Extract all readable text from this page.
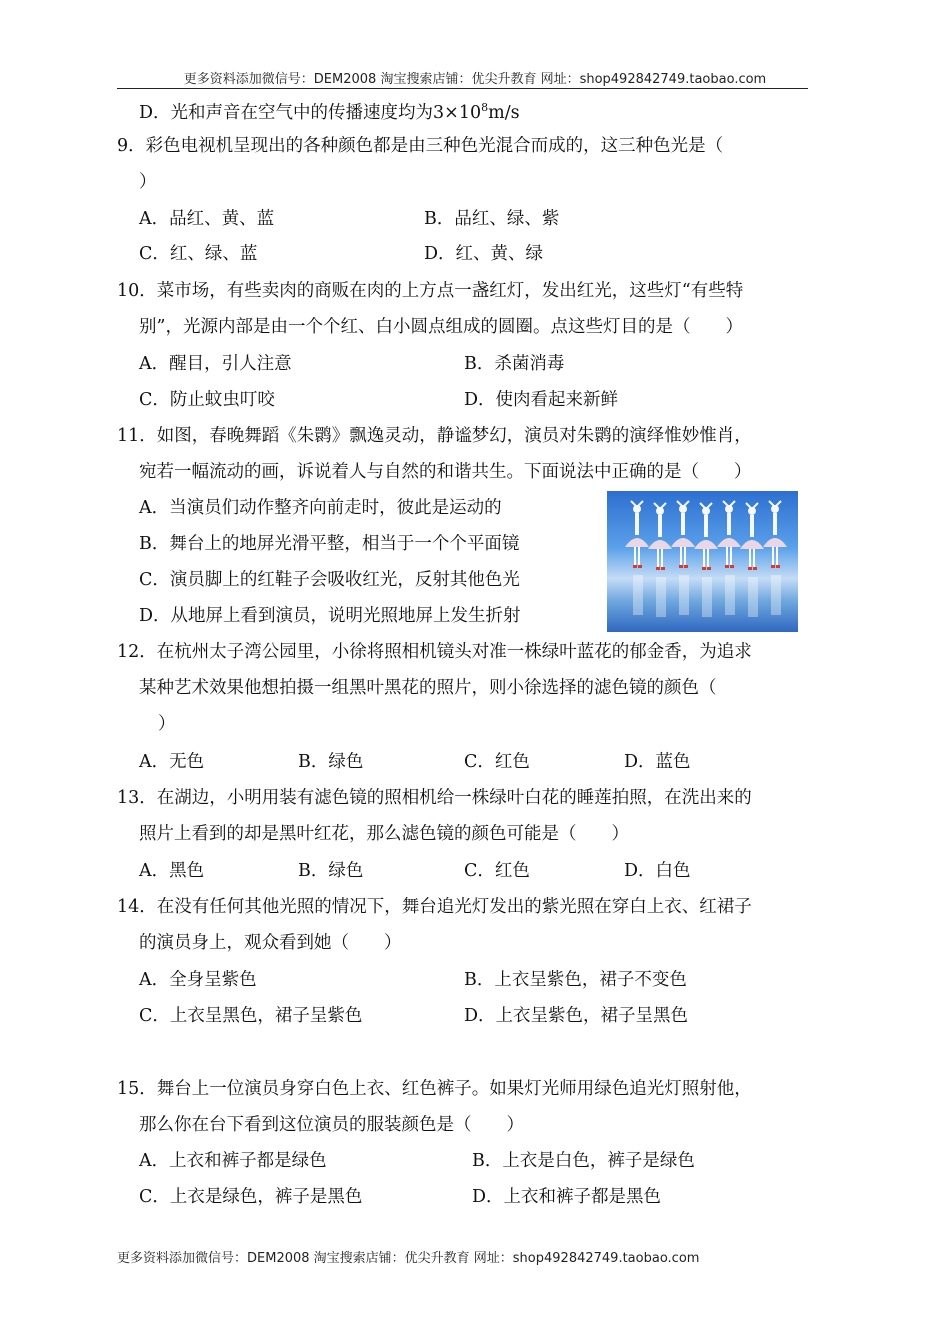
更多资料添加微信号：DEM2008 淘宝搜索店铺：优尖升教育 网址：shop492842749.taobao.com
D．光和声音在空气中的传播速度均为$3\times 10^8m/s$
9．彩色电视机呈现出的各种颜色都是由三种色光混合而成的，这三种色光是（
）
A．品红、黄、蓝	B．品红、绿、紫
C．红、绿、蓝	D．红、黄、绿
10．菜市场，有些卖肉的商贩在肉的上方点一盏红灯，发出红光，这些灯“有些特
别”，光源内部是由一个个红、白小圆点组成的圆圈。点这些灯目的是（　　）
A．醒目，引人注意	B．杀菌消毒
C．防止蚊虫叮咬	D．使肉看起来新鲜
11．如图，春晚舞蹈《朱鹮》飘逸灵动，静谧梦幻，演员对朱鹮的演绎惟妙惟肖，
宛若一幅流动的画，诉说着人与自然的和谐共生。下面说法中正确的是（　　）
A．当演员们动作整齐向前走时，彼此是运动的
B．舞台上的地屏光滑平整，相当于一个个平面镜
C．演员脚上的红鞋子会吸收红光，反射其他色光
D．从地屏上看到演员，说明光照地屏上发生折射
12．在杭州太子湾公园里，小徐将照相机镜头对准一株绿叶蓝花的郁金香，为追求
某种艺术效果他想拍摄一组黑叶黑花的照片，则小徐选择的滤色镜的颜色（
）
A．无色	B．绿色	C．红色	D．蓝色
13．在湖边，小明用装有滤色镜的照相机给一株绿叶白花的睡莲拍照，在洗出来的
照片上看到的却是黑叶红花，那么滤色镜的颜色可能是（　　）
A．黑色	B．绿色	C．红色	D．白色
14．在没有任何其他光照的情况下，舞台追光灯发出的紫光照在穿白上衣、红裙子
的演员身上，观众看到她（　　）
A．全身呈紫色	B．上衣呈紫色，裙子不变色
C．上衣呈黑色，裙子呈紫色	D．上衣呈紫色，裙子呈黑色
15．舞台上一位演员身穿白色上衣、红色裤子。如果灯光师用绿色追光灯照射他，
那么你在台下看到这位演员的服装颜色是（　　）
A．上衣和裤子都是绿色	B．上衣是白色，裤子是绿色
C．上衣是绿色，裤子是黑色	D．上衣和裤子都是黑色
更多资料添加微信号：DEM2008 淘宝搜索店铺：优尖升教育 网址：shop492842749.taobao.com
